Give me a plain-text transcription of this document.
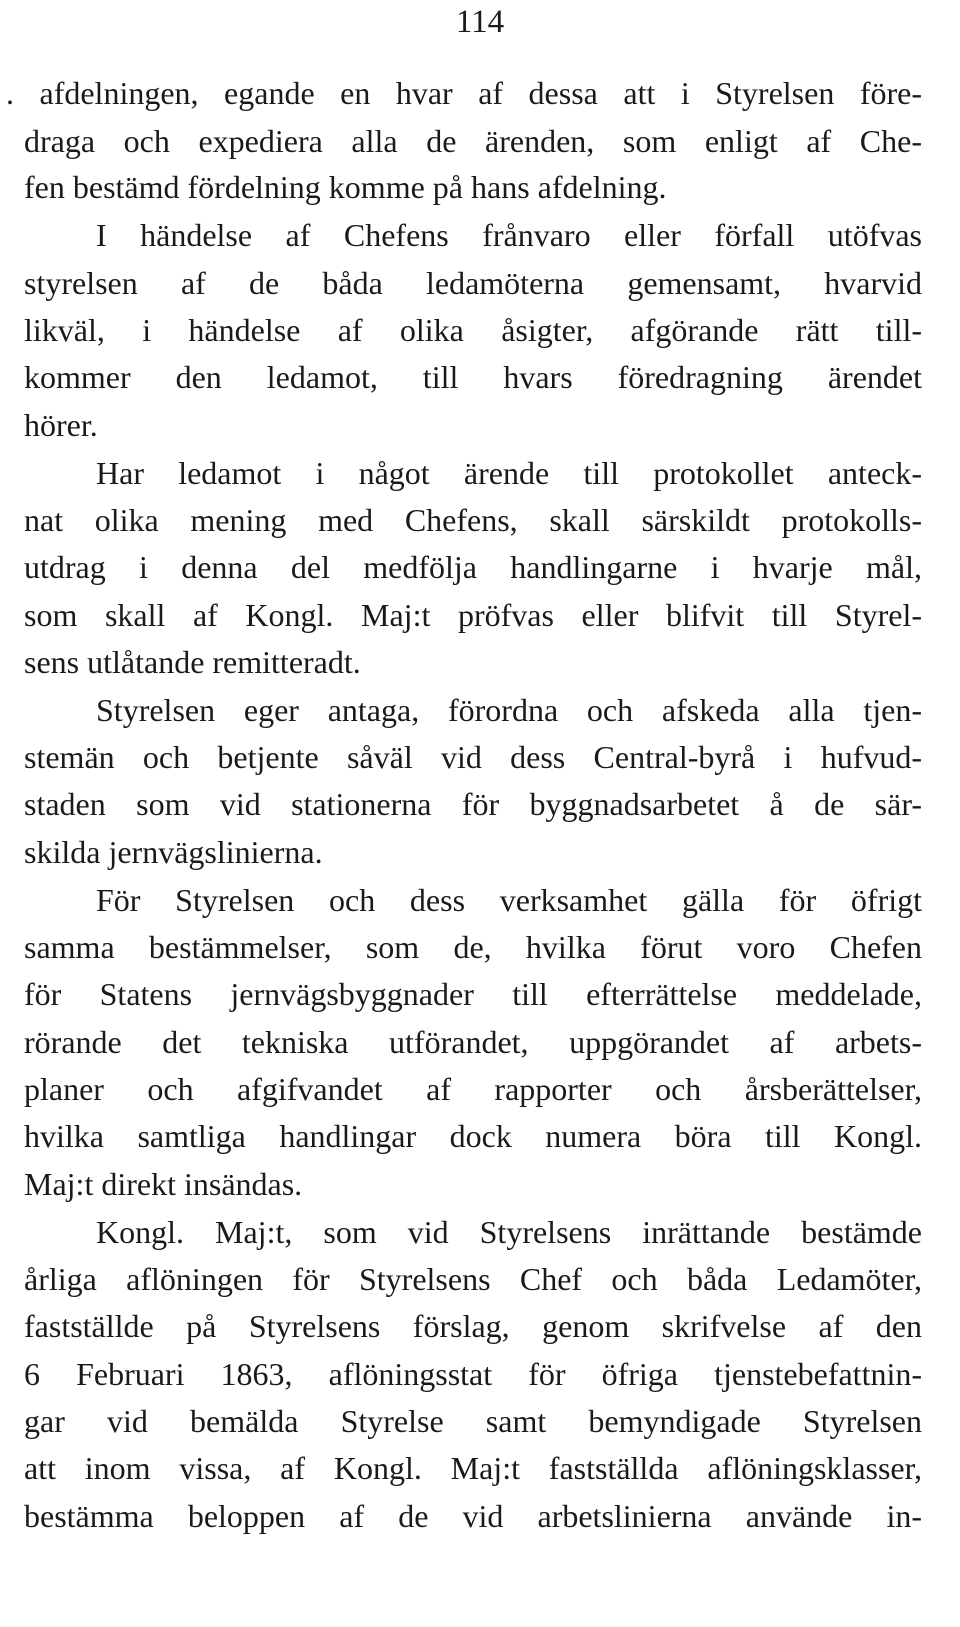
114
. afdelningen, egande en hvar af dessa att i Styrelsen före-
draga och expediera alla de ärenden, som enligt af Che-
fen bestämd fördelning komme på hans afdelning.
I händelse af Chefens frånvaro eller förfall utöfvas
styrelsen af de båda ledamöterna gemensamt, hvarvid
likväl, i händelse af olika åsigter, afgörande rätt till-
kommer den ledamot, till hvars föredragning ärendet
hörer.
Har ledamot i något ärende till protokollet anteck-
nat olika mening med Chefens, skall särskildt protokolls-
utdrag i denna del medfölja handlingarne i hvarje mål,
som skall af Kongl. Maj:t pröfvas eller blifvit till Styrel-
sens utlåtande remitteradt.
Styrelsen eger antaga, förordna och afskeda alla tjen-
stemän och betjente såväl vid dess Central-byrå i hufvud-
staden som vid stationerna för byggnadsarbetet å de sär-
skilda jernvägslinierna.
För Styrelsen och dess verksamhet gälla för öfrigt
samma bestämmelser, som de, hvilka förut voro Chefen
för Statens jernvägsbyggnader till efterrättelse meddelade,
rörande det tekniska utförandet, uppgörandet af arbets-
planer och afgifvandet af rapporter och årsberättelser,
hvilka samtliga handlingar dock numera böra till Kongl.
Maj:t direkt insändas.
Kongl. Maj:t, som vid Styrelsens inrättande bestämde
årliga aflöningen för Styrelsens Chef och båda Ledamöter,
fastställde på Styrelsens förslag, genom skrifvelse af den
6 Februari 1863, aflöningsstat för öfriga tjenstebefattnin-
gar vid bemälda Styrelse samt bemyndigade Styrelsen
att inom vissa, af Kongl. Maj:t fastställda aflöningsklasser,
bestämma beloppen af de vid arbetslinierna använde in-
